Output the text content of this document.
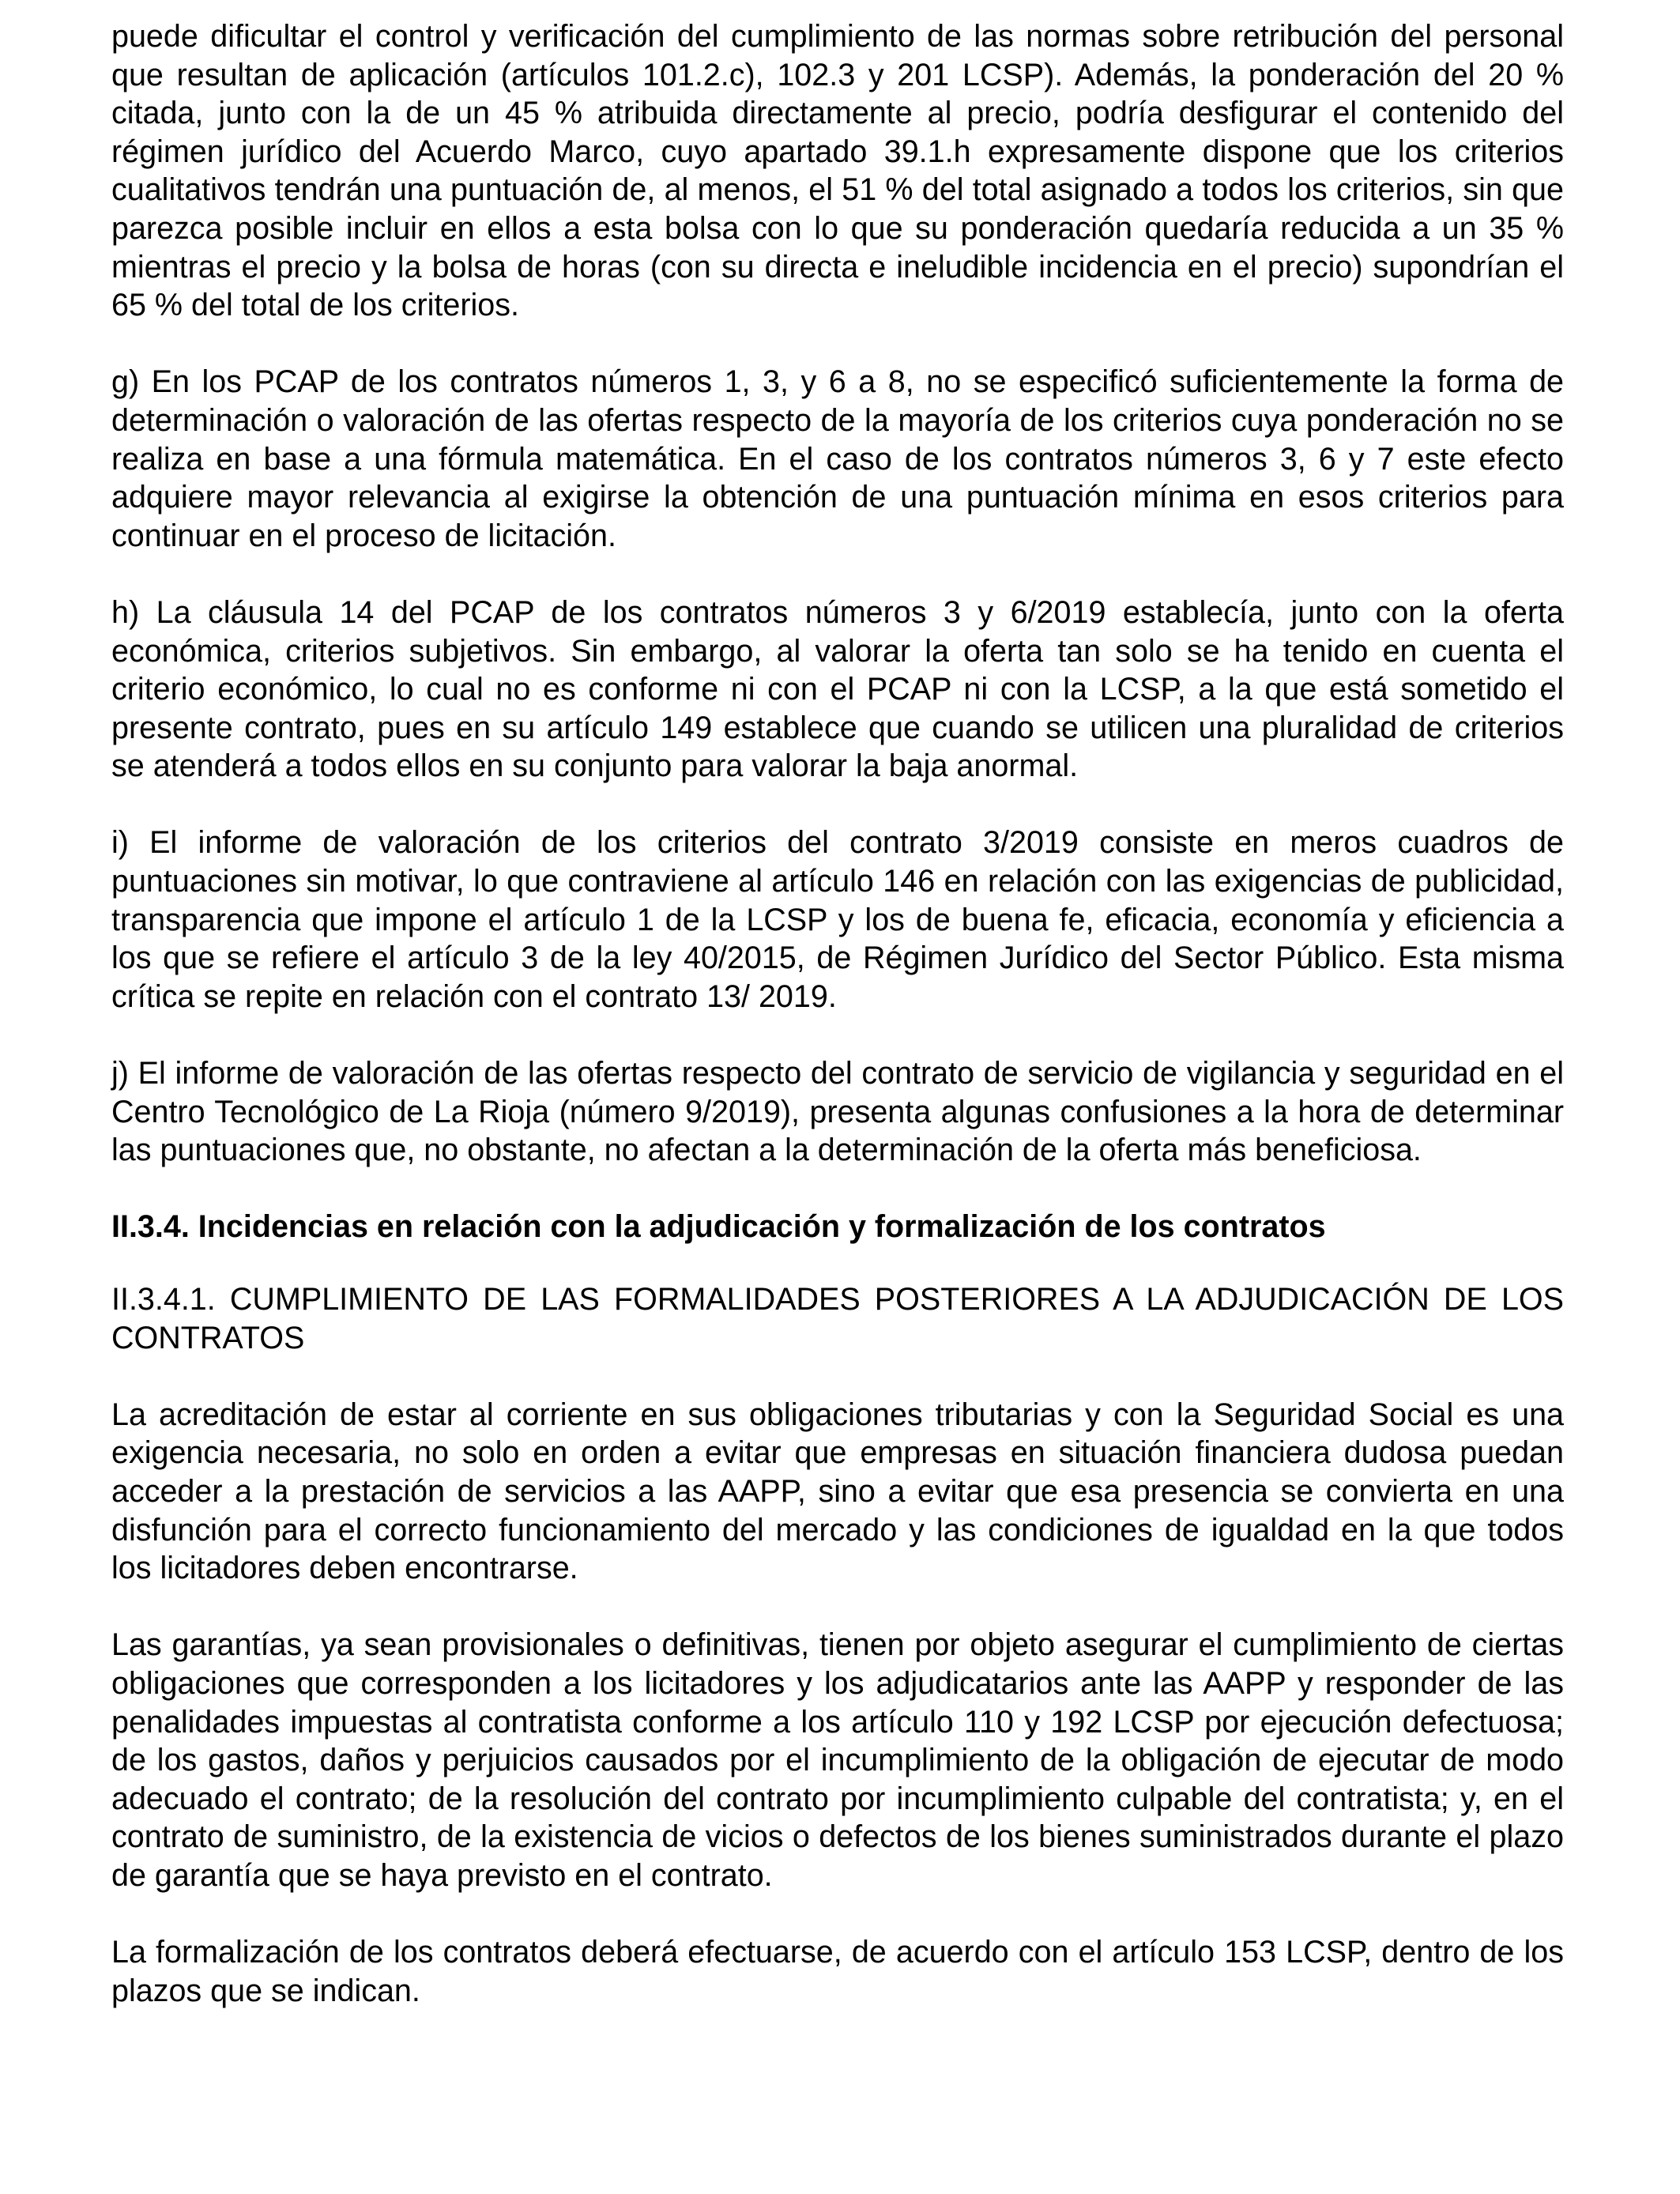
puede dificultar el control y verificación del cumplimiento de las normas sobre retribución del personal que resultan de aplicación (artículos 101.2.c), 102.3 y 201 LCSP). Además, la ponderación del 20 % citada, junto con la de un 45 % atribuida directamente al precio, podría desfigurar el contenido del régimen jurídico del Acuerdo Marco, cuyo apartado 39.1.h expresamente dispone que los criterios cualitativos tendrán una puntuación de, al menos, el 51 % del total asignado a todos los criterios, sin que parezca posible incluir en ellos a esta bolsa con lo que su ponderación quedaría reducida a un 35 % mientras el precio y la bolsa de horas (con su directa e ineludible incidencia en el precio) supondrían el 65 % del total de los criterios.

g) En los PCAP de los contratos números 1, 3, y 6 a 8, no se especificó suficientemente la forma de determinación o valoración de las ofertas respecto de la mayoría de los criterios cuya ponderación no se realiza en base a una fórmula matemática. En el caso de los contratos números 3, 6 y 7 este efecto adquiere mayor relevancia al exigirse la obtención de una puntuación mínima en esos criterios para continuar en el proceso de licitación.

h) La cláusula 14 del PCAP de los contratos números 3 y 6/2019 establecía, junto con la oferta económica, criterios subjetivos. Sin embargo, al valorar la oferta tan solo se ha tenido en cuenta el criterio económico, lo cual no es conforme ni con el PCAP ni con la LCSP, a la que está sometido el presente contrato, pues en su artículo 149 establece que cuando se utilicen una pluralidad de criterios se atenderá a todos ellos en su conjunto para valorar la baja anormal.

i) El informe de valoración de los criterios del contrato 3/2019 consiste en meros cuadros de puntuaciones sin motivar, lo que contraviene al artículo 146 en relación con las exigencias de publicidad, transparencia que impone el artículo 1 de la LCSP y los de buena fe, eficacia, economía y eficiencia a los que se refiere el artículo 3 de la ley 40/2015, de Régimen Jurídico del Sector Público. Esta misma crítica se repite en relación con el contrato 13/ 2019.

j) El informe de valoración de las ofertas respecto del contrato de servicio de vigilancia y seguridad en el Centro Tecnológico de La Rioja (número 9/2019), presenta algunas confusiones a la hora de determinar las puntuaciones que, no obstante, no afectan a la determinación de la oferta más beneficiosa.

II.3.4. Incidencias en relación con la adjudicación y formalización de los contratos

II.3.4.1. CUMPLIMIENTO DE LAS FORMALIDADES POSTERIORES A LA ADJUDICACIÓN DE LOS CONTRATOS

La acreditación de estar al corriente en sus obligaciones tributarias y con la Seguridad Social es una exigencia necesaria, no solo en orden a evitar que empresas en situación financiera dudosa puedan acceder a la prestación de servicios a las AAPP, sino a evitar que esa presencia se convierta en una disfunción para el correcto funcionamiento del mercado y las condiciones de igualdad en la que todos los licitadores deben encontrarse.

Las garantías, ya sean provisionales o definitivas, tienen por objeto asegurar el cumplimiento de ciertas obligaciones que corresponden a los licitadores y los adjudicatarios ante las AAPP y responder de las penalidades impuestas al contratista conforme a los artículo 110 y 192 LCSP por ejecución defectuosa; de los gastos, daños y perjuicios causados por el incumplimiento de la obligación de ejecutar de modo adecuado el contrato; de la resolución del contrato por incumplimiento culpable del contratista; y, en el contrato de suministro, de la existencia de vicios o defectos de los bienes suministrados durante el plazo de garantía que se haya previsto en el contrato.

La formalización de los contratos deberá efectuarse, de acuerdo con el artículo 153 LCSP, dentro de los plazos que se indican.
